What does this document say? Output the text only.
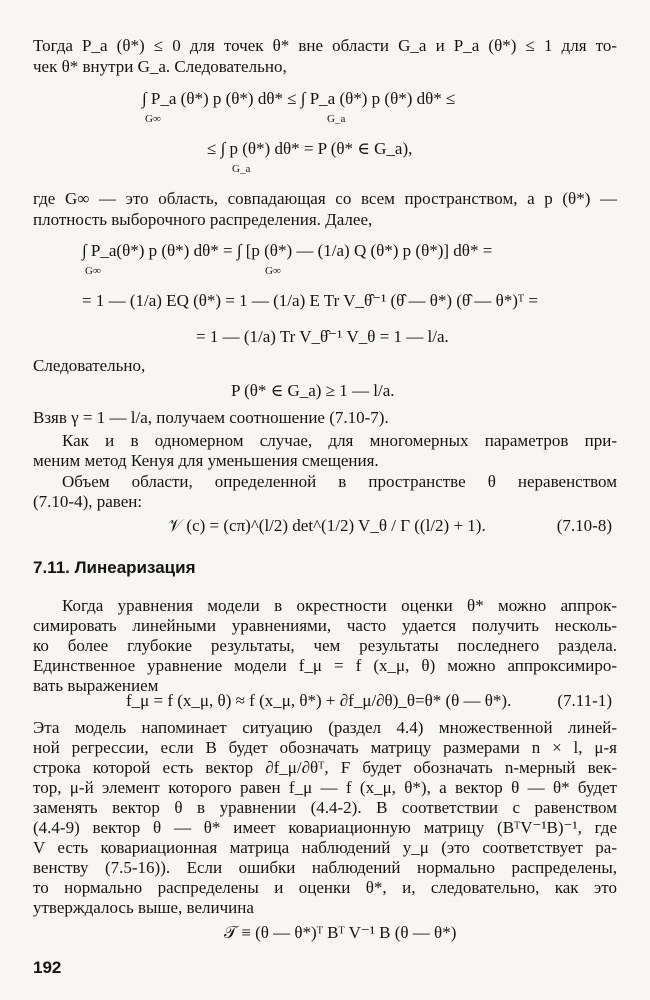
Тогда P_a (θ*) ≤ 0 для точек θ* вне области G_a и P_a (θ*) ≤ 1 для то-
чек θ* внутри G_a. Следовательно,
∫ P_a (θ*) p (θ*) dθ* ≤ ∫ P_a (θ*) p (θ*) dθ* ≤
G∞	G_a
≤ ∫ p (θ*) dθ* = P (θ* ∈ G_a),
G_a
где G∞ — это область, совпадающая со всем пространством, а p (θ*) —
плотность выборочного распределения. Далее,
∫ P_a(θ*) p (θ*) dθ* = ∫ [p (θ*) — (1/a) Q (θ*) p (θ*)] dθ* =
G∞	G∞
= 1 — (1/a) EQ (θ*) = 1 — (1/a) E Tr V_θ̂⁻¹ (θ̂ — θ*) (θ̂ — θ*)ᵀ =
= 1 — (1/a) Tr V_θ̂⁻¹ V_θ = 1 — l/a.
Следовательно,
P (θ* ∈ G_a) ≥ 1 — l/a.
Взяв γ = 1 — l/a, получаем соотношение (7.10-7).
Как и в одномерном случае, для многомерных параметров при-
меним метод Кенуя для уменьшения смещения.
Объем области, определенной в пространстве θ неравенством
(7.10-4), равен:
𝒱 (c) = (cπ)^(l/2) det^(1/2) V_θ / Γ ((l/2) + 1).	(7.10-8)
7.11. Линеаризация
Когда уравнения модели в окрестности оценки θ* можно аппрок-
симировать линейными уравнениями, часто удается получить несколь-
ко более глубокие результаты, чем результаты последнего раздела.
Единственное уравнение модели f_μ = f (x_μ, θ) можно аппроксимиро-
вать выражением
f_μ = f (x_μ, θ) ≈ f (x_μ, θ*) + ∂f_μ/∂θ)_θ=θ* (θ — θ*).	(7.11-1)
Эта модель напоминает ситуацию (раздел 4.4) множественной линей-
ной регрессии, если B будет обозначать матрицу размерами n × l, μ-я
строка которой есть вектор ∂f_μ/∂θᵀ, F будет обозначать n-мерный век-
тор, μ-й элемент которого равен f_μ — f (x_μ, θ*), а вектор θ — θ* будет
заменять вектор θ в уравнении (4.4-2). В соответствии с равенством
(4.4-9) вектор θ — θ* имеет ковариационную матрицу (BᵀV⁻¹B)⁻¹, где
V есть ковариационная матрица наблюдений y_μ (это соответствует ра-
венству (7.5-16)). Если ошибки наблюдений нормально распределены,
то нормально распределены и оценки θ*, и, следовательно, как это
утверждалось выше, величина
𝒯 ≡ (θ — θ*)ᵀ Bᵀ V⁻¹ B (θ — θ*)
192
